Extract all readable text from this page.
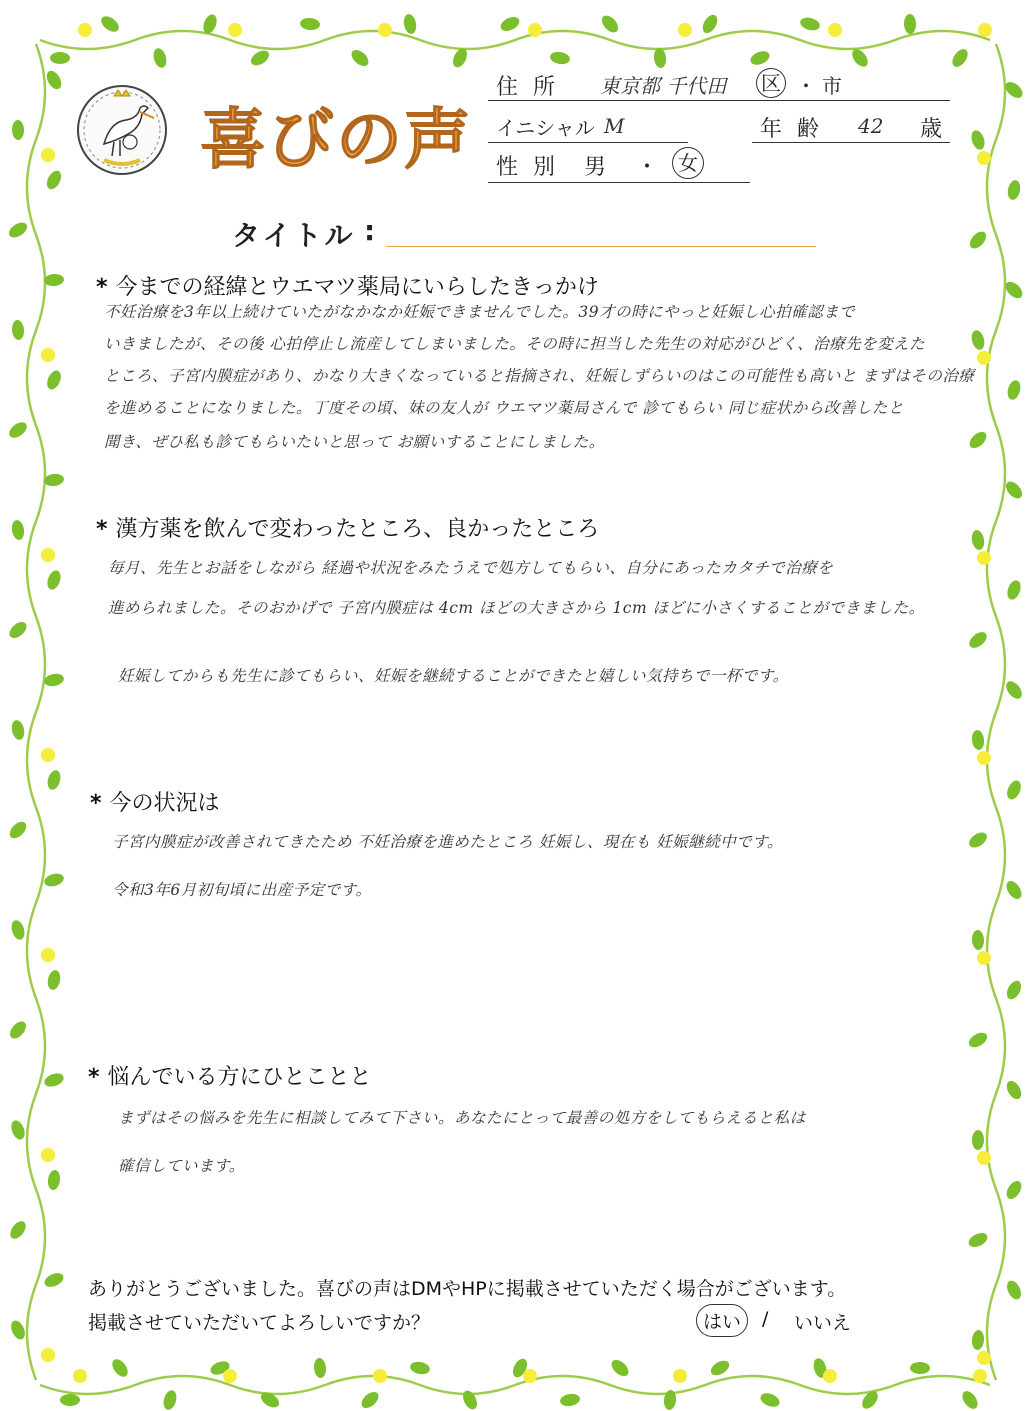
喜びの声
住 所 東京都 千代田 区 ・ 市
イニシャル M	年 齢 42 歳
性 別 男 ・ 女
タイトル :
* 今までの経緯とウエマツ薬局にいらしたきっかけ
不妊治療を3年以上続けていたがなかなか妊娠できませんでした。39才の時にやっと妊娠し心拍確認まで
いきましたが、その後 心拍停止し流産してしまいました。その時に担当した先生の対応がひどく、治療先を変えた
ところ、子宮内膜症があり、かなり大きくなっていると指摘され、妊娠しずらいのはこの可能性も高いと まずはその治療
を進めることになりました。丁度その頃、妹の友人が ウエマツ薬局さんで 診てもらい 同じ症状から改善したと
聞き、ぜひ私も診てもらいたいと思って お願いすることにしました。
* 漢方薬を飲んで変わったところ、良かったところ
毎月、先生とお話をしながら 経過や状況をみたうえで処方してもらい、自分にあったカタチで治療を
進められました。そのおかげで 子宮内膜症は 4cm ほどの大きさから 1cm ほどに小さくすることができました。
妊娠してからも先生に診てもらい、妊娠を継続することができたと嬉しい気持ちで一杯です。
* 今の状況は
子宮内膜症が改善されてきたため 不妊治療を進めたところ 妊娠し、現在も 妊娠継続中です。
令和3年6月初旬頃に出産予定です。
* 悩んでいる方にひとことと
まずはその悩みを先生に相談してみて下さい。あなたにとって最善の処方をしてもらえると私は
確信しています。
ありがとうございました。喜びの声はDMやHPに掲載させていただく場合がございます。
掲載させていただいてよろしいですか？	はい	/ いいえ
